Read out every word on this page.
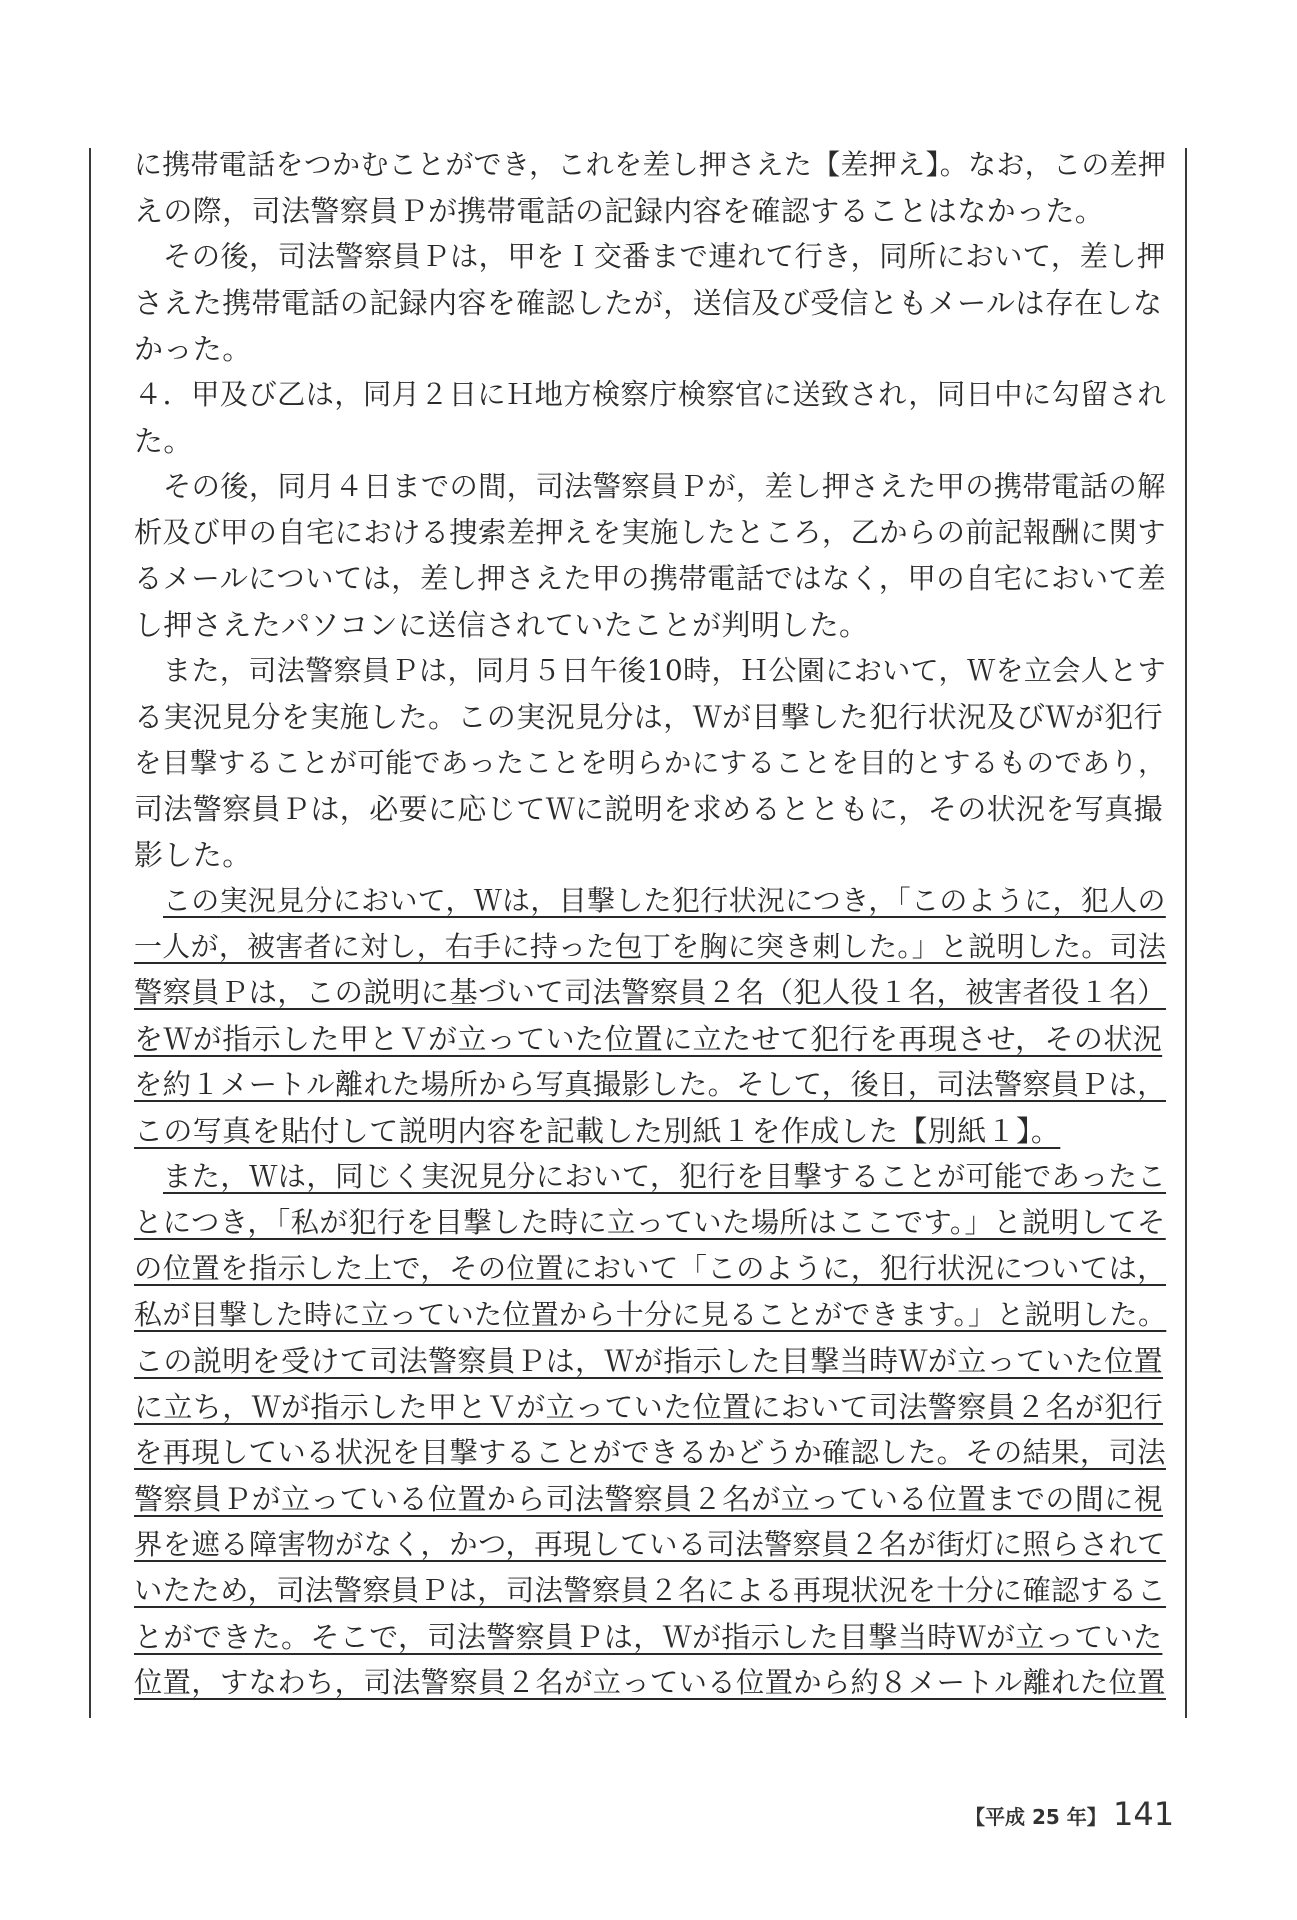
に携帯電話をつかむことができ，これを差し押さえた【差押え】。なお，この差押
えの際，司法警察員Ｐが携帯電話の記録内容を確認することはなかった。
その後，司法警察員Ｐは，甲をＩ交番まで連れて行き，同所において，差し押
さえた携帯電話の記録内容を確認したが，送信及び受信ともメールは存在しな
かった。
４．甲及び乙は，同月２日にＨ地方検察庁検察官に送致され，同日中に勾留され
た。
その後，同月４日までの間，司法警察員Ｐが，差し押さえた甲の携帯電話の解
析及び甲の自宅における捜索差押えを実施したところ，乙からの前記報酬に関す
るメールについては，差し押さえた甲の携帯電話ではなく，甲の自宅において差
し押さえたパソコンに送信されていたことが判明した。
また，司法警察員Ｐは，同月５日午後10時，Ｈ公園において，Ｗを立会人とす
る実況見分を実施した。この実況見分は，Ｗが目撃した犯行状況及びＷが犯行
を目撃することが可能であったことを明らかにすることを目的とするものであり，
司法警察員Ｐは，必要に応じてＷに説明を求めるとともに，その状況を写真撮
影した。
この実況見分において，Ｗは，目撃した犯行状況につき，「このように，犯人の
一人が，被害者に対し，右手に持った包丁を胸に突き刺した。」と説明した。司法
警察員Ｐは，この説明に基づいて司法警察員２名（犯人役１名，被害者役１名）
をＷが指示した甲とＶが立っていた位置に立たせて犯行を再現させ，その状況
を約１メートル離れた場所から写真撮影した。そして，後日，司法警察員Ｐは，
この写真を貼付して説明内容を記載した別紙１を作成した【別紙１】。
また，Ｗは，同じく実況見分において，犯行を目撃することが可能であったこ
とにつき，「私が犯行を目撃した時に立っていた場所はここです。」と説明してそ
の位置を指示した上で，その位置において「このように，犯行状況については，
私が目撃した時に立っていた位置から十分に見ることができます。」と説明した。
この説明を受けて司法警察員Ｐは，Ｗが指示した目撃当時Ｗが立っていた位置
に立ち，Ｗが指示した甲とＶが立っていた位置において司法警察員２名が犯行
を再現している状況を目撃することができるかどうか確認した。その結果，司法
警察員Ｐが立っている位置から司法警察員２名が立っている位置までの間に視
界を遮る障害物がなく，かつ，再現している司法警察員２名が街灯に照らされて
いたため，司法警察員Ｐは，司法警察員２名による再現状況を十分に確認するこ
とができた。そこで，司法警察員Ｐは，Ｗが指示した目撃当時Ｗが立っていた
位置，すなわち，司法警察員２名が立っている位置から約８メートル離れた位置
【平成 25 年】 141
